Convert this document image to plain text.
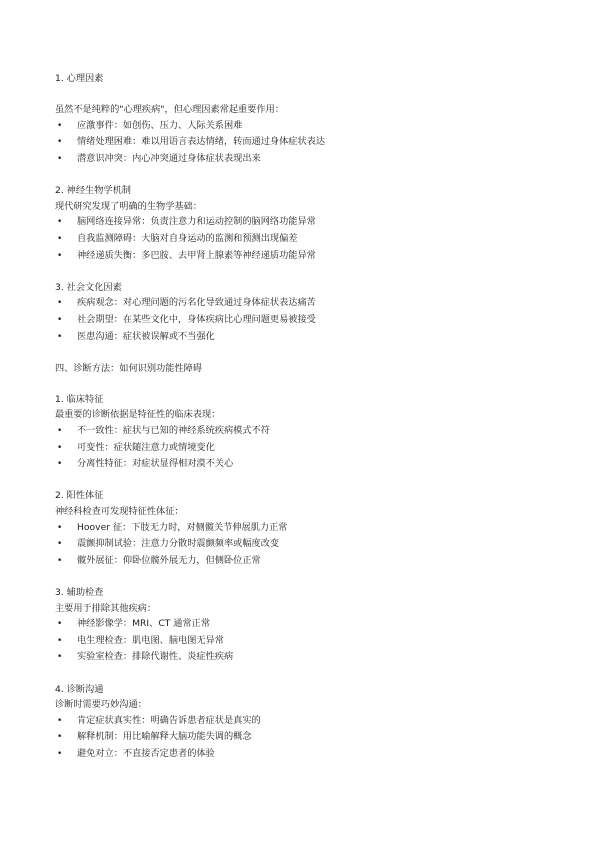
1. 心理因素
虽然不是纯粹的"心理疾病"，但心理因素常起重要作用：
•	应激事件：如创伤、压力、人际关系困难
•	情绪处理困难：难以用语言表达情绪，转而通过身体症状表达
•	潜意识冲突：内心冲突通过身体症状表现出来
2. 神经生物学机制
现代研究发现了明确的生物学基础：
•	脑网络连接异常：负责注意力和运动控制的脑网络功能异常
•	自我监测障碍：大脑对自身运动的监测和预测出现偏差
•	神经递质失衡：多巴胺、去甲肾上腺素等神经递质功能异常
3. 社会文化因素
•	疾病观念：对心理问题的污名化导致通过身体症状表达痛苦
•	社会期望：在某些文化中，身体疾病比心理问题更易被接受
•	医患沟通：症状被误解或不当强化
四、诊断方法：如何识别功能性障碍
1. 临床特征
最重要的诊断依据是特征性的临床表现：
•	不一致性：症状与已知的神经系统疾病模式不符
•	可变性：症状随注意力或情境变化
•	分离性特征：对症状显得相对漠不关心
2. 阳性体征
神经科检查可发现特征性体征：
•	Hoover 征：下肢无力时，对侧髋关节伸展肌力正常
•	震颤抑制试验：注意力分散时震颤频率或幅度改变
•	髋外展征：仰卧位髋外展无力，但侧卧位正常
3. 辅助检查
主要用于排除其他疾病：
•	神经影像学：MRI、CT 通常正常
•	电生理检查：肌电图、脑电图无异常
•	实验室检查：排除代谢性、炎症性疾病
4. 诊断沟通
诊断时需要巧妙沟通：
•	肯定症状真实性：明确告诉患者症状是真实的
•	解释机制：用比喻解释大脑功能失调的概念
•	避免对立：不直接否定患者的体验
